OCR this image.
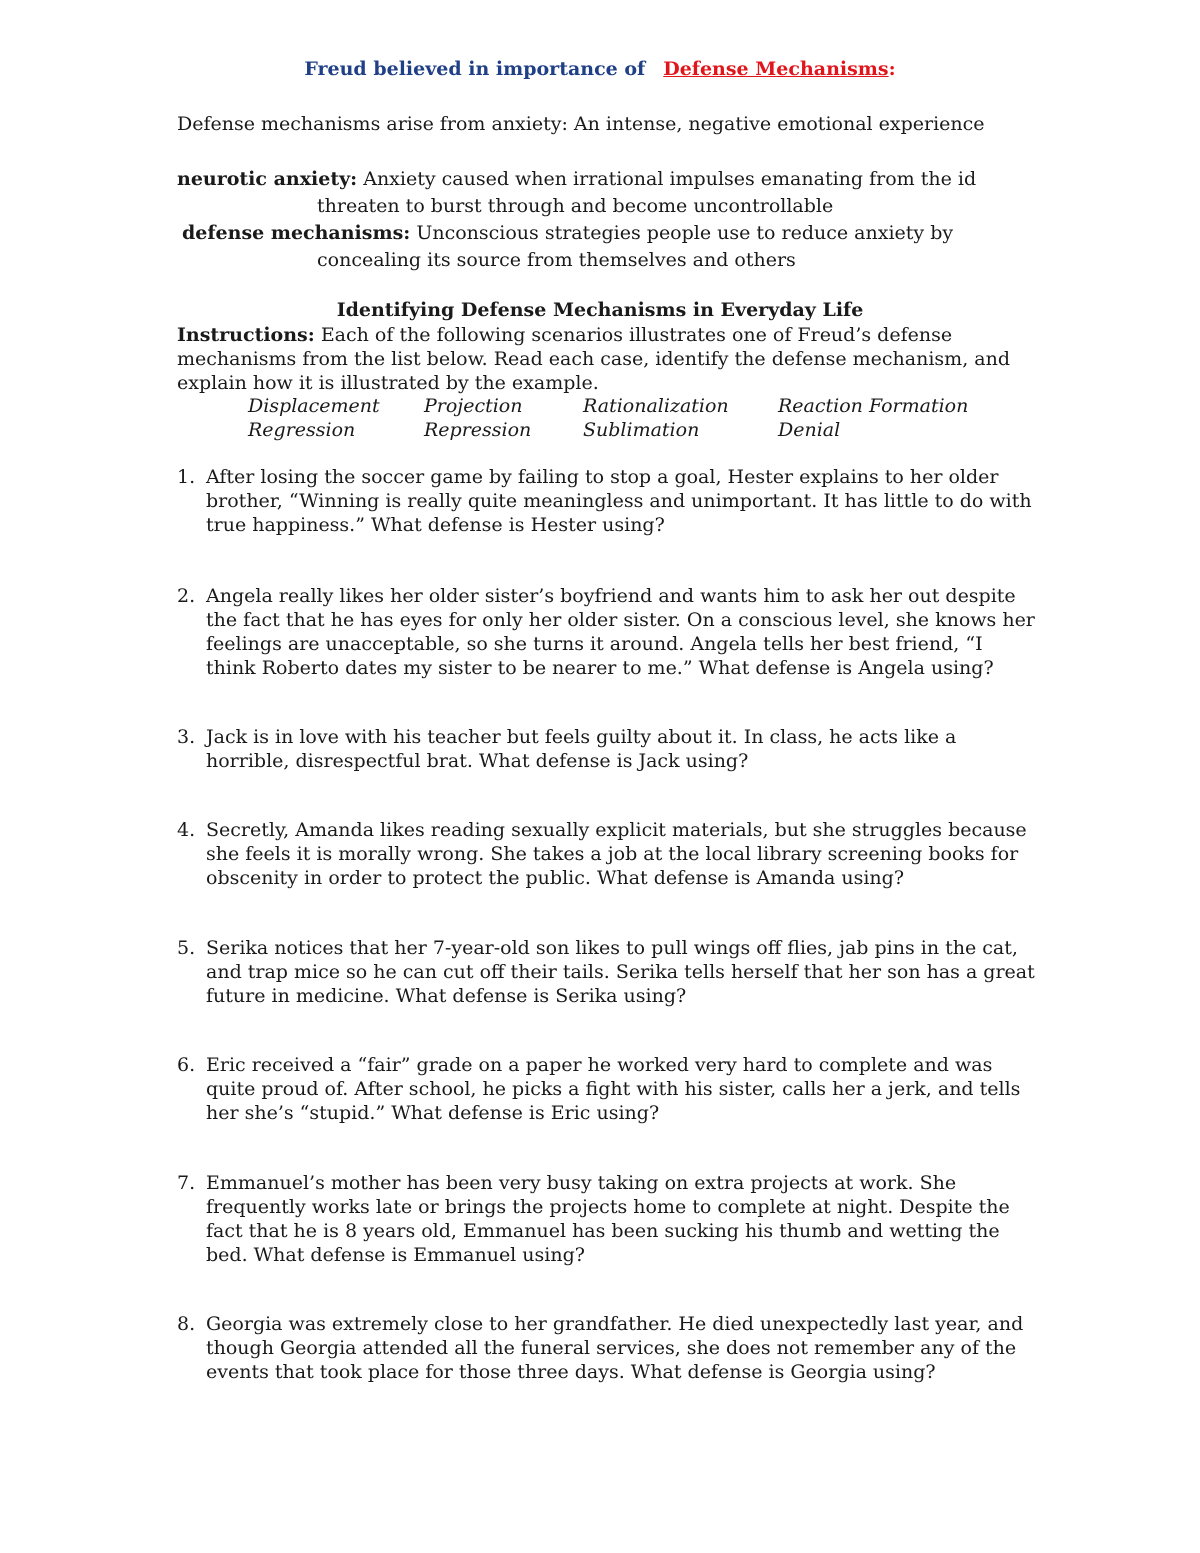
Freud believed in importance of Defense Mechanisms:
Defense mechanisms arise from anxiety: An intense, negative emotional experience
neurotic anxiety: Anxiety caused when irrational impulses emanating from the id
threaten to burst through and become uncontrollable
defense mechanisms: Unconscious strategies people use to reduce anxiety by
concealing its source from themselves and others
Identifying Defense Mechanisms in Everyday Life
Instructions: Each of the following scenarios illustrates one of Freud’s defense mechanisms from the list below. Read each case, identify the defense mechanism, and explain how it is illustrated by the example.
Displacement	Projection	Rationalization	Reaction Formation
Regression	Repression	Sublimation	Denial
1. After losing the soccer game by failing to stop a goal, Hester explains to her older brother, “Winning is really quite meaningless and unimportant. It has little to do with true happiness.” What defense is Hester using?
2. Angela really likes her older sister’s boyfriend and wants him to ask her out despite the fact that he has eyes for only her older sister. On a conscious level, she knows her feelings are unacceptable, so she turns it around. Angela tells her best friend, “I think Roberto dates my sister to be nearer to me.” What defense is Angela using?
3. Jack is in love with his teacher but feels guilty about it. In class, he acts like a horrible, disrespectful brat. What defense is Jack using?
4. Secretly, Amanda likes reading sexually explicit materials, but she struggles because she feels it is morally wrong. She takes a job at the local library screening books for obscenity in order to protect the public. What defense is Amanda using?
5. Serika notices that her 7-year-old son likes to pull wings off flies, jab pins in the cat, and trap mice so he can cut off their tails. Serika tells herself that her son has a great future in medicine. What defense is Serika using?
6. Eric received a “fair” grade on a paper he worked very hard to complete and was quite proud of. After school, he picks a fight with his sister, calls her a jerk, and tells her she’s “stupid.” What defense is Eric using?
7. Emmanuel’s mother has been very busy taking on extra projects at work. She frequently works late or brings the projects home to complete at night. Despite the fact that he is 8 years old, Emmanuel has been sucking his thumb and wetting the bed. What defense is Emmanuel using?
8. Georgia was extremely close to her grandfather. He died unexpectedly last year, and though Georgia attended all the funeral services, she does not remember any of the events that took place for those three days. What defense is Georgia using?
